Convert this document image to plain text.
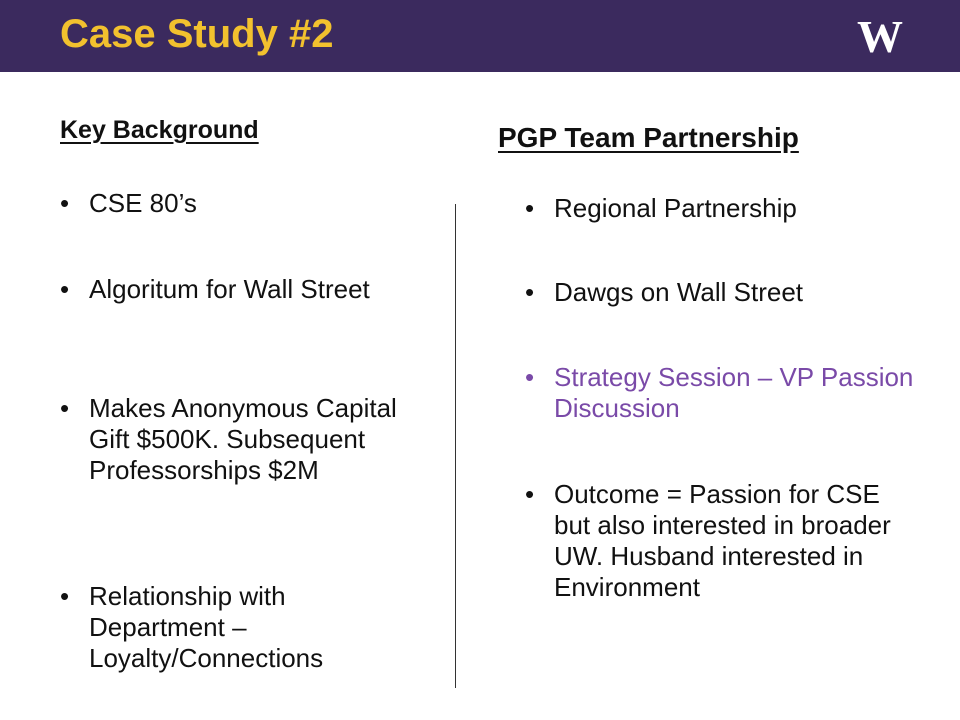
Case Study #2	W
Key Background	PGP Team Partnership
• CSE 80’s
• Algoritum for Wall Street
• Makes Anonymous Capital Gift $500K. Subsequent Professorships $2M
• Relationship with Department – Loyalty/Connections
• Regional Partnership
• Dawgs on Wall Street
• Strategy Session – VP Passion Discussion
• Outcome = Passion for CSE but also interested in broader UW. Husband interested in Environment
